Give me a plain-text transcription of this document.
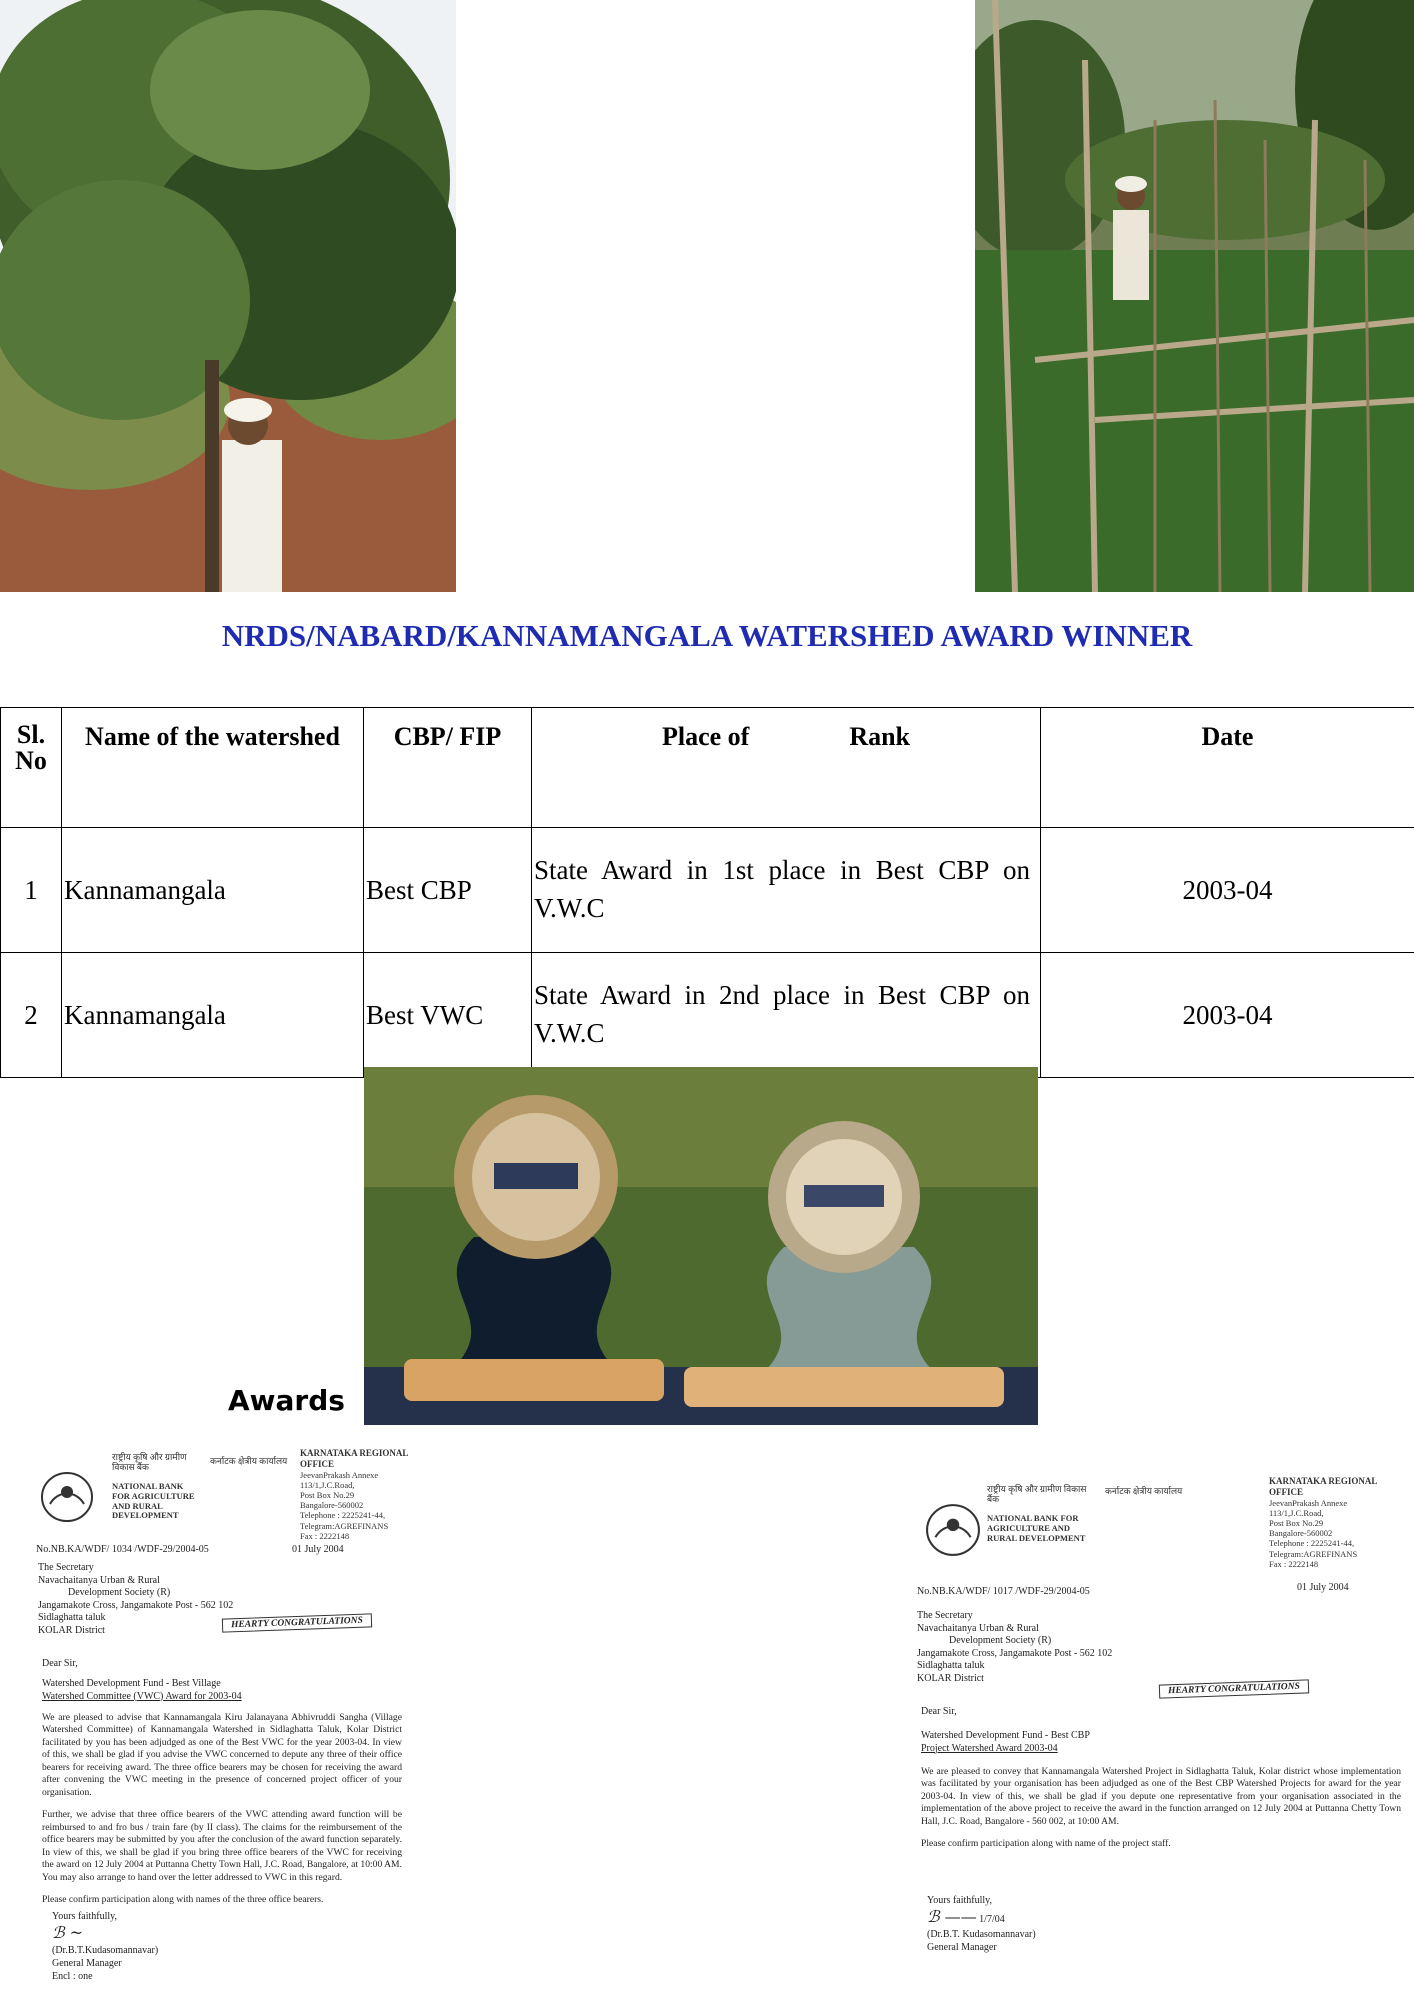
NRDS/NABARD/KANNAMANGALA WATERSHED AWARD WINNER
Sl. No	Name of the watershed	CBP/ FIP	Place of Rank	Date
1	Kannamangala	Best CBP	State Award in 1st place in Best CBP on V.W.C	2003-04
2	Kannamangala	Best VWC	State Award in 2nd place in Best CBP on V.W.C	2003-04
Awards
राष्ट्रीय कृषि और ग्रामीण विकास बैंक
NATIONAL BANK FOR AGRICULTURE AND RURAL DEVELOPMENT
कर्नाटक क्षेत्रीय कार्यालय
KARNATAKA REGIONAL OFFICE
JeevanPrakash Annexe
113/1,J.C.Road,
Post Box No.29
Bangalore-560002
Telephone : 2225241-44,
Telegram:AGREFINANS
Fax : 2222148
No.NB.KA/WDF/ 1034 /WDF-29/2004-05	01 July 2004
The Secretary
Navachaitanya Urban & Rural
Development Society (R)
Jangamakote Cross, Jangamakote Post - 562 102
Sidlaghatta taluk
KOLAR District	HEARTY CONGRATULATIONS
Dear Sir,
Watershed Development Fund - Best Village
Watershed Committee (VWC) Award for 2003-04

We are pleased to advise that Kannamangala Kiru Jalanayana Abhivruddi Sangha (Village Watershed Committee) of Kannamangala Watershed in Sidlaghatta Taluk, Kolar District facilitated by you has been adjudged as one of the Best VWC for the year 2003-04. In view of this, we shall be glad if you advise the VWC concerned to depute any three of their office bearers for receiving award. The three office bearers may be chosen for receiving the award after convening the VWC meeting in the presence of concerned project officer of your organisation.

Further, we advise that three office bearers of the VWC attending award function will be reimbursed to and fro bus / train fare (by II class). The claims for the reimbursement of the office bearers may be submitted by you after the conclusion of the award function separately. In view of this, we shall be glad if you bring three office bearers of the VWC for receiving the award on 12 July 2004 at Puttanna Chetty Town Hall, J.C. Road, Bangalore, at 10:00 AM. You may also arrange to hand over the letter addressed to VWC in this regard.

Please confirm participation along with names of the three office bearers.

Yours faithfully,
ℬ ~
(Dr.B.T.Kudasomannavar)
General Manager
Encl : one
राष्ट्रीय कृषि और ग्रामीण विकास बैंक
NATIONAL BANK FOR AGRICULTURE AND RURAL DEVELOPMENT
कर्नाटक क्षेत्रीय कार्यालय
KARNATAKA REGIONAL OFFICE
JeevanPrakash Annexe
113/1,J.C.Road,
Post Box No.29
Bangalore-560002
Telephone : 2225241-44,
Telegram:AGREFINANS
Fax : 2222148
No.NB.KA/WDF/ 1017 /WDF-29/2004-05	01 July 2004
The Secretary
Navachaitanya Urban & Rural
Development Society (R)
Jangamakote Cross, Jangamakote Post - 562 102
Sidlaghatta taluk
KOLAR District
HEARTY CONGRATULATIONS
Dear Sir,
Watershed Development Fund - Best CBP
Project Watershed Award 2003-04

We are pleased to convey that Kannamangala Watershed Project in Sidlaghatta Taluk, Kolar district whose implementation was facilitated by your organisation has been adjudged as one of the Best CBP Watershed Projects for award for the year 2003-04. In view of this, we shall be glad if you depute one representative from your organisation associated in the implementation of the above project to receive the award in the function arranged on 12 July 2004 at Puttanna Chetty Town Hall, J.C. Road, Bangalore - 560 002, at 10:00 AM.

Please confirm participation along with name of the project staff.

Yours faithfully,
ℬ —— 1/7/04
(Dr.B.T. Kudasomannavar)
General Manager
